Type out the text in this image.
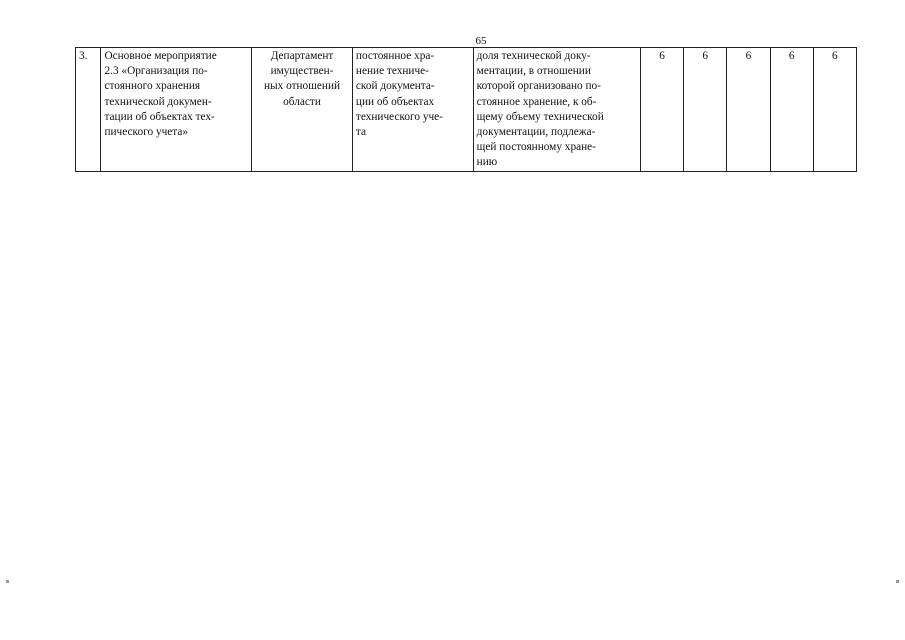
65
3.	Основное мероприятие
2.3 «Организация по-
стоянного хранения
технической докумен-
тации об объектах тех-
пического учета»	Департамент
имуществен-
ных отношений
области	постоянное хра-
нение техниче-
ской документа-
ции об объектах
технического уче-
та	доля технической доку-
ментации, в отношении
которой организовано по-
стоянное хранение, к об-
щему объему технической
документации, подлежа-
щей постоянному хране-
нию	6	6	6	6	6
